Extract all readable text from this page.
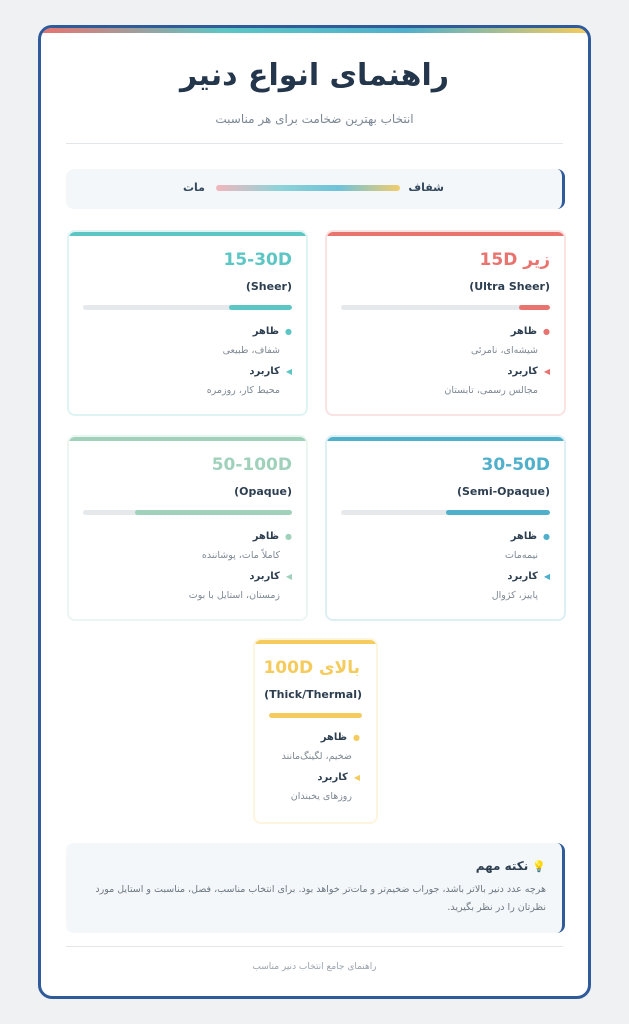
راهنمای انواع دنیر

انتخاب بهترین ضخامت برای هر مناسبت

شفاف
مات
زیر 15D
(Ultra Sheer)
●ظاهر
شیشه‌ای، نامرئی
◀کاربرد
مجالس رسمی، تابستان
15-30D
(Sheer)
●ظاهر
شفاف، طبیعی
◀کاربرد
محیط کار، روزمره
30-50D
(Semi-Opaque)
●ظاهر
نیمه‌مات
◀کاربرد
پاییز، کژوال
50-100D
(Opaque)
●ظاهر
کاملاً مات، پوشاننده
◀کاربرد
زمستان، استایل با بوت
بالای 100D
(Thick/Thermal)
●ظاهر
ضخیم، لگینگ‌مانند
◀کاربرد
روزهای یخبندان
💡
نکته مهم

هرچه عدد دنیر بالاتر باشد، جوراب ضخیم‌تر و مات‌تر خواهد بود. برای انتخاب مناسب، فصل، مناسبت و استایل مورد نظرتان را در نظر بگیرید.

راهنمای جامع انتخاب دنیر مناسب
